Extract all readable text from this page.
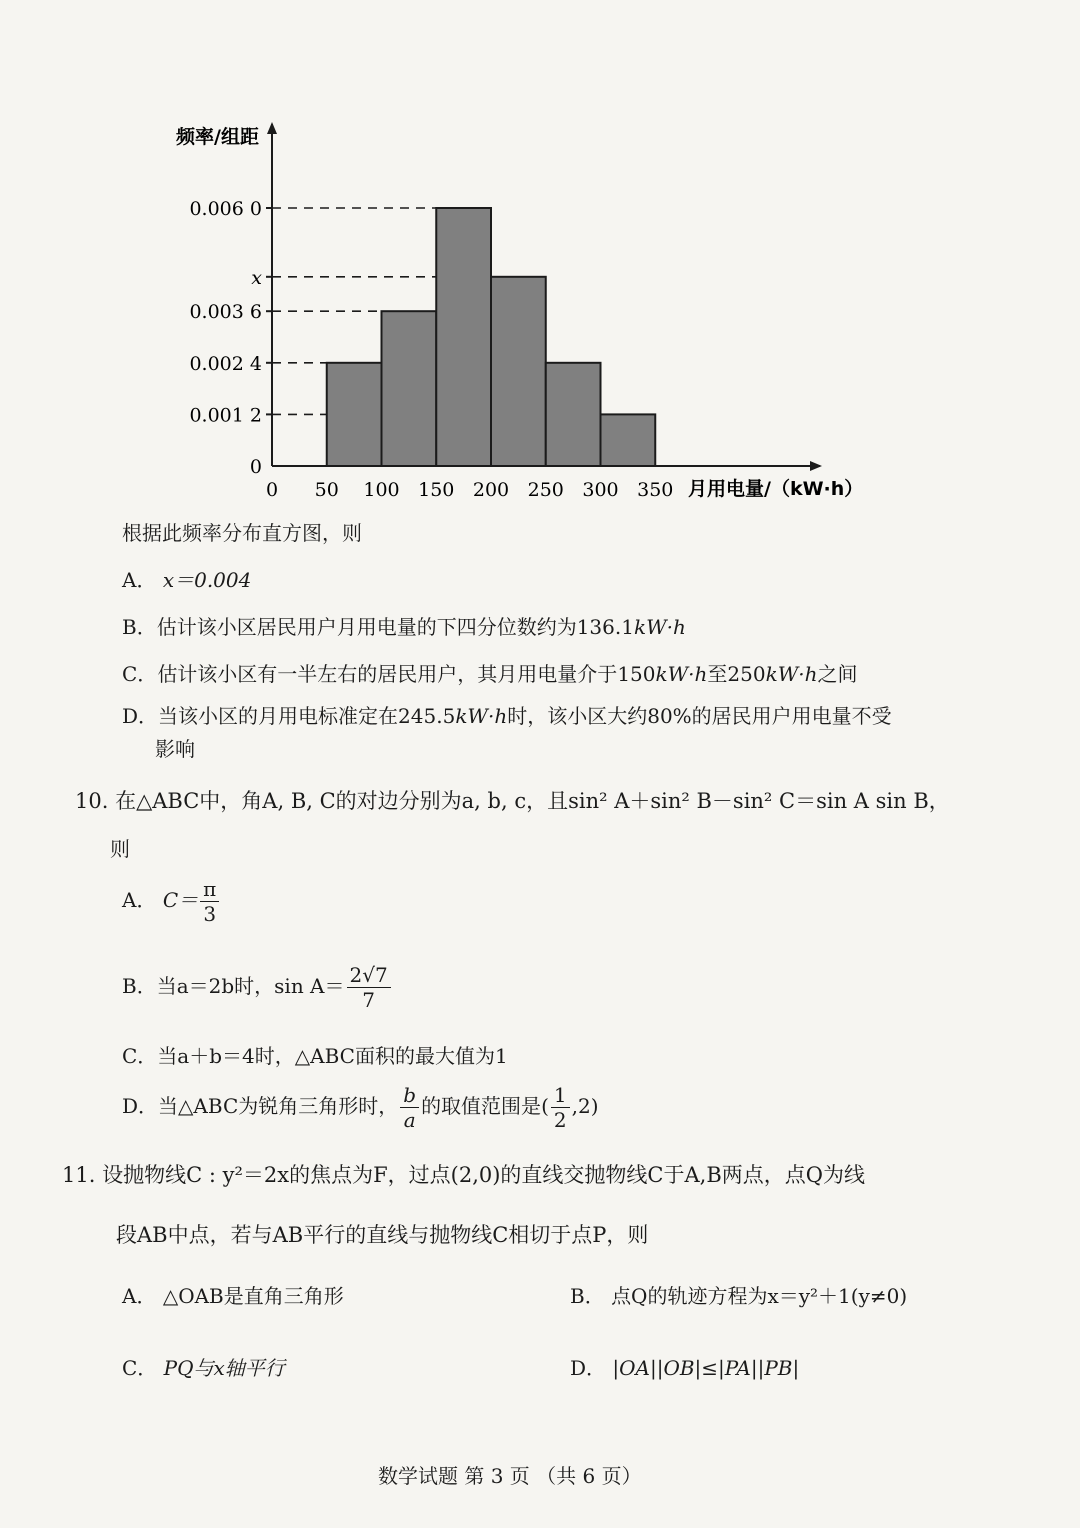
0
0.001 2
0.002 4
0.003 6
x
0.006 0
0 50 100 150 200 250 300 350
频率/组距
月用电量/（kW·h）
根据此频率分布直方图，则
A． x＝0.004
B．估计该小区居民用户月用电量的下四分位数约为136.1kW·h
C．估计该小区有一半左右的居民用户，其月用电量介于150kW·h至250kW·h之间
D．当该小区的月用电标准定在245.5kW·h时，该小区大约80%的居民用户用电量不受
影响
10. 在△ABC中，角A, B, C的对边分别为a, b, c，且sin² A＋sin² B－sin² C＝sin A sin B，
则
A． $C= \frac{\pi}{3}$
B．当a＝2b时，$\sin A= \frac{2√7}{7}$
C．当a＋b＝4时，△ABC面积的最大值为1
D．当△ABC为锐角三角形时， $\frac{b}{a}$ 的取值范围是( $\frac{1}{2} ,2$)
11. 设抛物线C : y²＝2x的焦点为F，过点(2,0)的直线交抛物线C于A,B两点，点Q为线
段AB中点，若与AB平行的直线与抛物线C相切于点P，则
A． △OAB是直角三角形	B． 点Q的轨迹方程为x＝y²＋1(y≠0)
C． PQ与x轴平行	D． |OA||OB|≤|PA||PB|
数学试题 第 3 页 （共 6 页）
